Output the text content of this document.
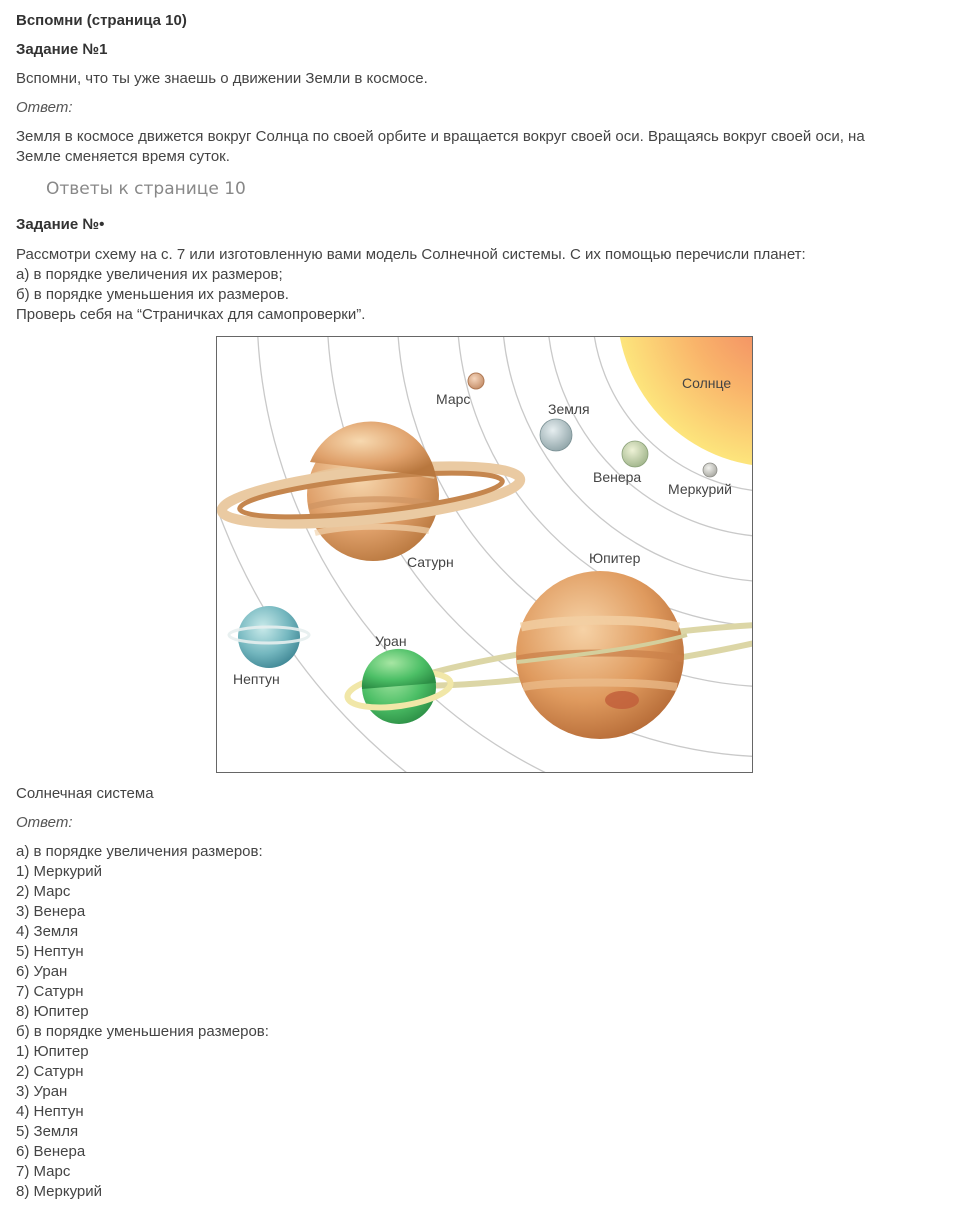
Вспомни (страница 10)
Задание №1
Вспомни, что ты уже знаешь о движении Земли в космосе.
Ответ:
Земля в космосе движется вокруг Солнца по своей орбите и вращается вокруг своей оси. Вращаясь вокруг своей оси, на
Земле сменяется время суток.
Ответы к странице 10
Задание №•
Рассмотри схему на с. 7 или изготовленную вами модель Солнечной системы. С их помощью перечисли планет:
а) в порядке увеличения их размеров;
б) в порядке уменьшения их размеров.
Проверь себя на “Страничках для самопроверки”.
Солнце
Меркурий
Венера
Земля
Марс
Юпитер
Сатурн
Уран
Нептун
Солнечная система
Ответ:
а) в порядке увеличения размеров:
1) Меркурий
2) Марс
3) Венера
4) Земля
5) Нептун
6) Уран
7) Сатурн
8) Юпитер
б) в порядке уменьшения размеров:
1) Юпитер
2) Сатурн
3) Уран
4) Нептун
5) Земля
6) Венера
7) Марс
8) Меркурий
